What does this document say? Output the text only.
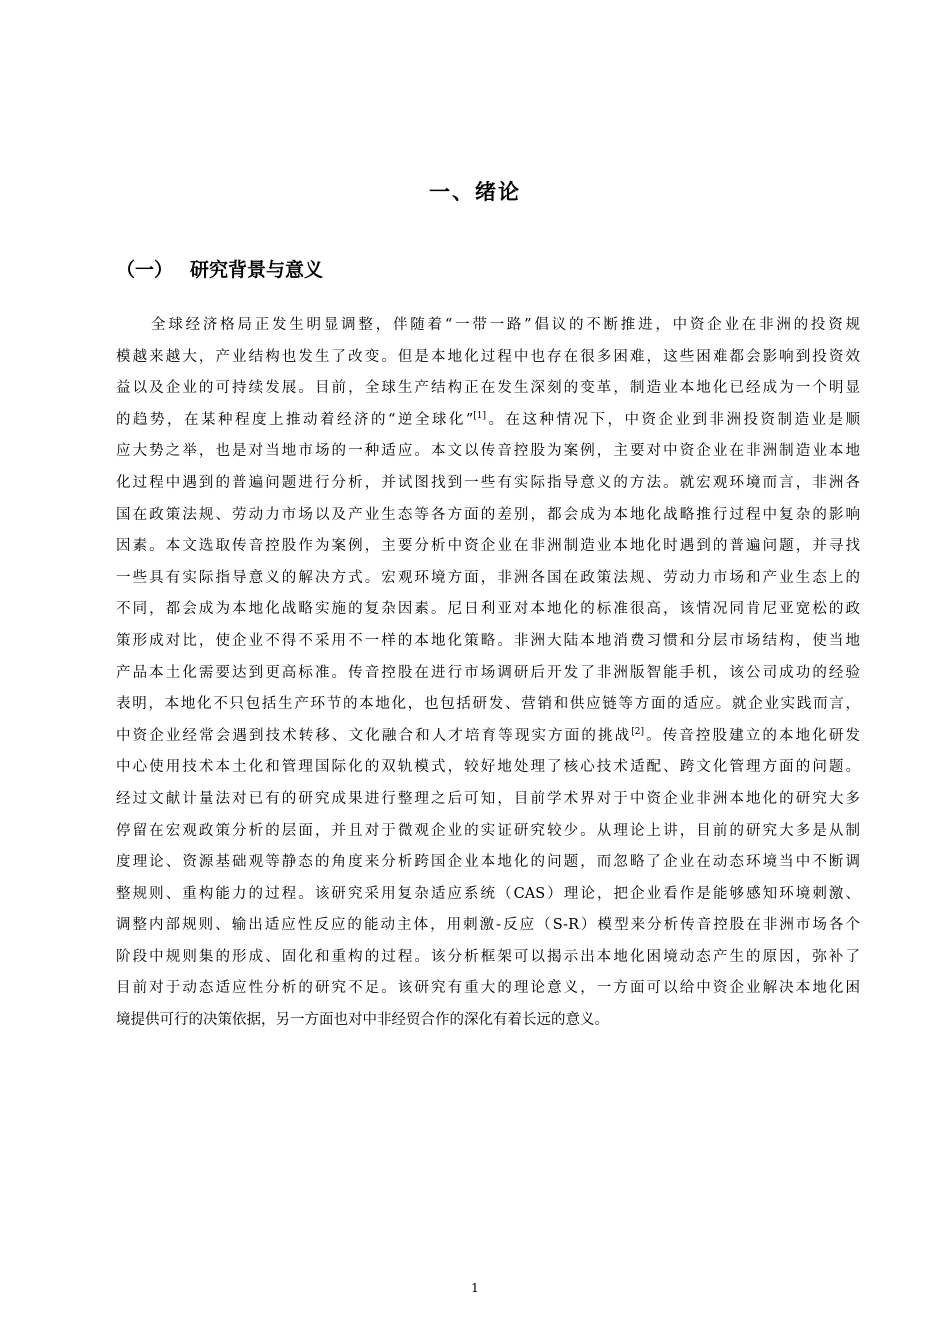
一、绪论
（一） 研究背景与意义
全球经济格局正发生明显调整，伴随着“一带一路”倡议的不断推进，中资企业在非洲的投资规
模越来越大，产业结构也发生了改变。但是本地化过程中也存在很多困难，这些困难都会影响到投资效
益以及企业的可持续发展。目前，全球生产结构正在发生深刻的变革，制造业本地化已经成为一个明显
的趋势，在某种程度上推动着经济的“逆全球化”[1]。在这种情况下，中资企业到非洲投资制造业是顺
应大势之举，也是对当地市场的一种适应。本文以传音控股为案例，主要对中资企业在非洲制造业本地
化过程中遇到的普遍问题进行分析，并试图找到一些有实际指导意义的方法。就宏观环境而言，非洲各
国在政策法规、劳动力市场以及产业生态等各方面的差别，都会成为本地化战略推行过程中复杂的影响
因素。本文选取传音控股作为案例，主要分析中资企业在非洲制造业本地化时遇到的普遍问题，并寻找
一些具有实际指导意义的解决方式。宏观环境方面，非洲各国在政策法规、劳动力市场和产业生态上的
不同，都会成为本地化战略实施的复杂因素。尼日利亚对本地化的标准很高，该情况同肯尼亚宽松的政
策形成对比，使企业不得不采用不一样的本地化策略。非洲大陆本地消费习惯和分层市场结构，使当地
产品本土化需要达到更高标准。传音控股在进行市场调研后开发了非洲版智能手机，该公司成功的经验
表明，本地化不只包括生产环节的本地化，也包括研发、营销和供应链等方面的适应。就企业实践而言，
中资企业经常会遇到技术转移、文化融合和人才培育等现实方面的挑战[2]。传音控股建立的本地化研发
中心使用技术本土化和管理国际化的双轨模式，较好地处理了核心技术适配、跨文化管理方面的问题。
经过文献计量法对已有的研究成果进行整理之后可知，目前学术界对于中资企业非洲本地化的研究大多
停留在宏观政策分析的层面，并且对于微观企业的实证研究较少。从理论上讲，目前的研究大多是从制
度理论、资源基础观等静态的角度来分析跨国企业本地化的问题，而忽略了企业在动态环境当中不断调
整规则、重构能力的过程。该研究采用复杂适应系统（CAS）理论，把企业看作是能够感知环境刺激、
调整内部规则、输出适应性反应的能动主体，用刺激-反应（S-R）模型来分析传音控股在非洲市场各个
阶段中规则集的形成、固化和重构的过程。该分析框架可以揭示出本地化困境动态产生的原因，弥补了
目前对于动态适应性分析的研究不足。该研究有重大的理论意义，一方面可以给中资企业解决本地化困
境提供可行的决策依据，另一方面也对中非经贸合作的深化有着长远的意义。
1
